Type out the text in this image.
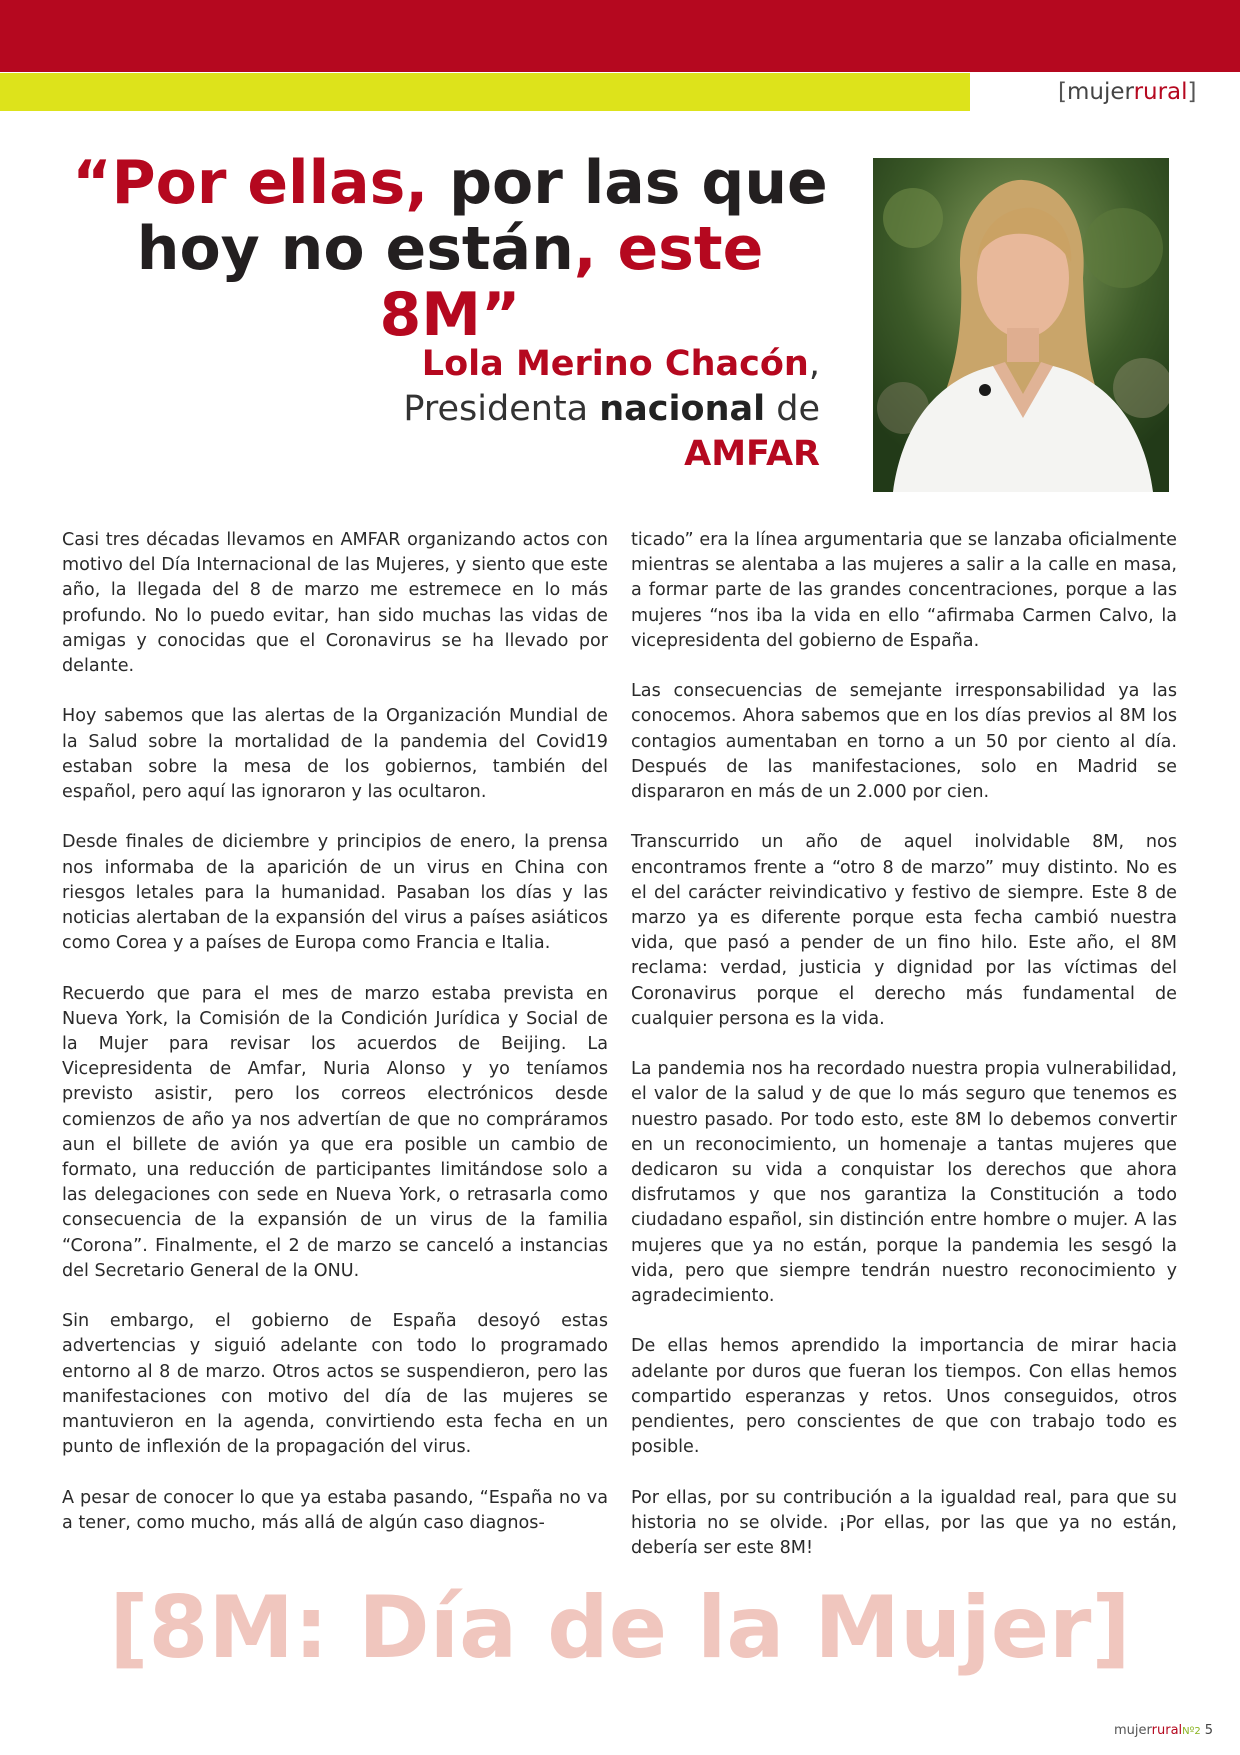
[mujerrural]
“Por ellas, por las que
hoy no están, este 8M”
Lola Merino Chacón,
Presidenta nacional de
AMFAR

Casi tres décadas llevamos en AMFAR organizando actos con motivo del Día Internacional de las Mujeres, y siento que este año, la llegada del 8 de marzo me estremece en lo más profundo. No lo puedo evitar, han sido muchas las vidas de amigas y conocidas que el Coronavirus se ha llevado por delante.

Hoy sabemos que las alertas de la Organización Mundial de la Salud sobre la mortalidad de la pandemia del Covid19 estaban sobre la mesa de los gobiernos, también del español, pero aquí las ignoraron y las ocultaron.

Desde finales de diciembre y principios de enero, la prensa nos informaba de la aparición de un virus en China con riesgos letales para la humanidad. Pasaban los días y las noticias alertaban de la expansión del virus a países asiáticos como Corea y a países de Europa como Francia e Italia.

Recuerdo que para el mes de marzo estaba prevista en Nueva York, la Comisión de la Condición Jurídica y Social de la Mujer para revisar los acuerdos de Beijing. La Vicepresidenta de Amfar, Nuria Alonso y yo teníamos previsto asistir, pero los correos electrónicos desde comienzos de año ya nos advertían de que no compráramos aun el billete de avión ya que era posible un cambio de formato, una reducción de participantes limitándose solo a las delegaciones con sede en Nueva York, o retrasarla como consecuencia de la expansión de un virus de la familia “Corona”. Finalmente, el 2 de marzo se canceló a instancias del Secretario General de la ONU.

Sin embargo, el gobierno de España desoyó estas advertencias y siguió adelante con todo lo programado entorno al 8 de marzo. Otros actos se suspendieron, pero las manifestaciones con motivo del día de las mujeres se mantuvieron en la agenda, convirtiendo esta fecha en un punto de inflexión de la propagación del virus.

A pesar de conocer lo que ya estaba pasando, “España no va a tener, como mucho, más allá de algún caso diagnos-

ticado” era la línea argumentaria que se lanzaba oficialmente mientras se alentaba a las mujeres a salir a la calle en masa, a formar parte de las grandes concentraciones, porque a las mujeres “nos iba la vida en ello “afirmaba Carmen Calvo, la vicepresidenta del gobierno de España.

Las consecuencias de semejante irresponsabilidad ya las conocemos. Ahora sabemos que en los días previos al 8M los contagios aumentaban en torno a un 50 por ciento al día. Después de las manifestaciones, solo en Madrid se dispararon en más de un 2.000 por cien.

Transcurrido un año de aquel inolvidable 8M, nos encontramos frente a “otro 8 de marzo” muy distinto. No es el del carácter reivindicativo y festivo de siempre. Este 8 de marzo ya es diferente porque esta fecha cambió nuestra vida, que pasó a pender de un fino hilo. Este año, el 8M reclama: verdad, justicia y dignidad por las víctimas del Coronavirus porque el derecho más fundamental de cualquier persona es la vida.

La pandemia nos ha recordado nuestra propia vulnerabilidad, el valor de la salud y de que lo más seguro que tenemos es nuestro pasado. Por todo esto, este 8M lo debemos convertir en un reconocimiento, un homenaje a tantas mujeres que dedicaron su vida a conquistar los derechos que ahora disfrutamos y que nos garantiza la Constitución a todo ciudadano español, sin distinción entre hombre o mujer. A las mujeres que ya no están, porque la pandemia les sesgó la vida, pero que siempre tendrán nuestro reconocimiento y agradecimiento.

De ellas hemos aprendido la importancia de mirar hacia adelante por duros que fueran los tiempos. Con ellas hemos compartido esperanzas y retos. Unos conseguidos, otros pendientes, pero conscientes de que con trabajo todo es posible.

Por ellas, por su contribución a la igualdad real, para que su historia no se olvide. ¡Por ellas, por las que ya no están, debería ser este 8M!

[8M: Día de la Mujer]
mujerruralNº2 5
